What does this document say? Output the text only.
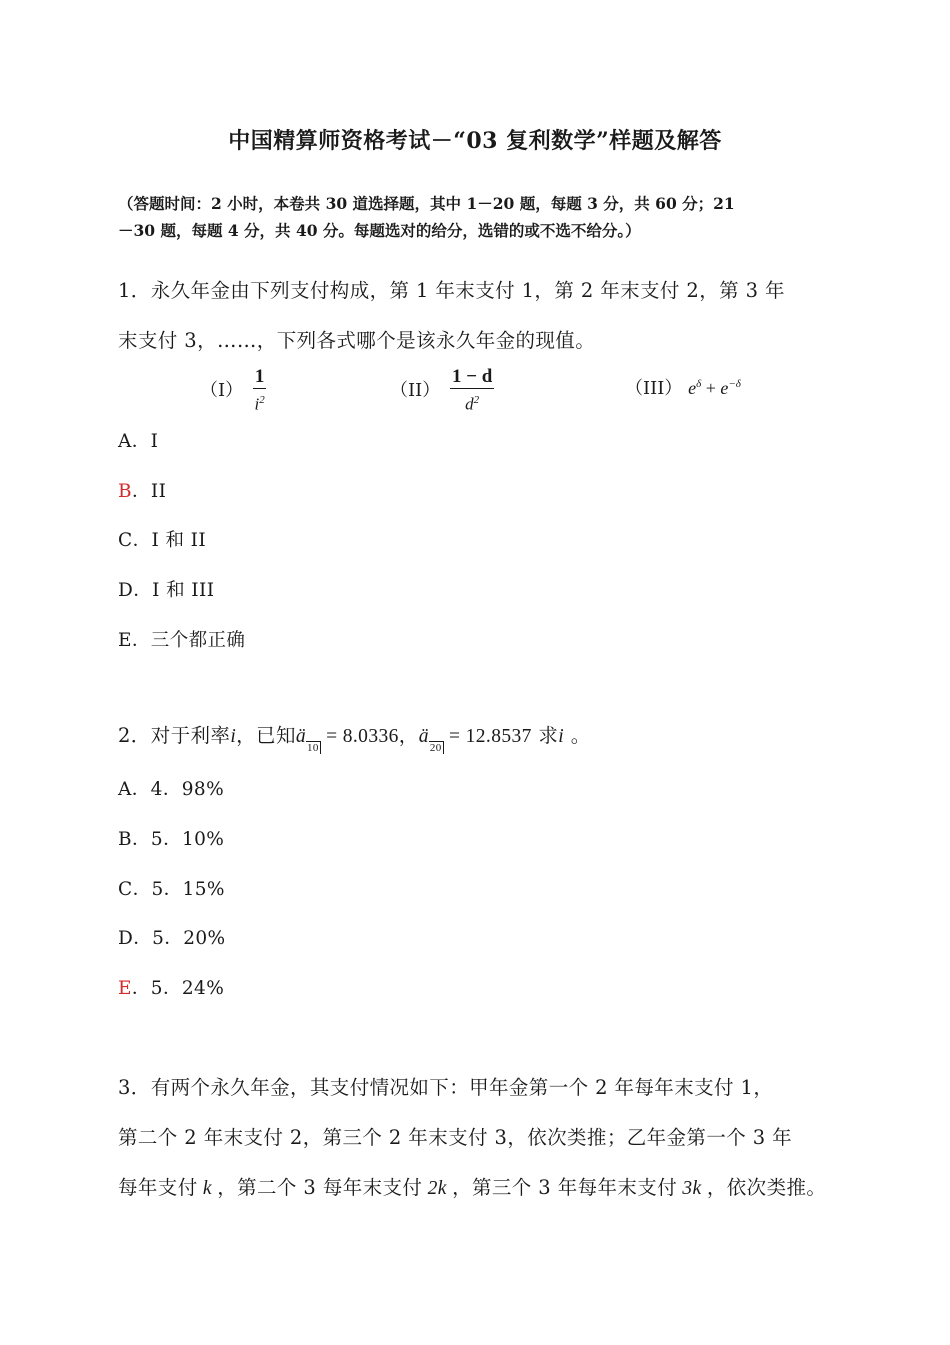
中国精算师资格考试－“03 复利数学”样题及解答
（答题时间：2 小时，本卷共 30 道选择题，其中 1－20 题，每题 3 分，共 60 分；21
－30 题，每题 4 分，共 40 分。每题选对的给分，选错的或不选不给分。）
1．永久年金由下列支付构成，第 1 年末支付 1，第 2 年末支付 2，第 3 年
末支付 3，……，下列各式哪个是该永久年金的现值。
$(I) \frac{1}{i^2}$	$(II) \frac{1 - d}{d^2}$	（III） $e^\delta + e^{-\delta}$
A．I
B．II
C．I 和 II
D．I 和 III
E．三个都正确
2．对于利率i，已知$ä_{10} = 8.0336$，$ä_{20} = 12.8537$ 求i 。
A．4．98%
B．5．10%
C．5．15%
D．5．20%
E．5．24%
3．有两个永久年金，其支付情况如下：甲年金第一个 2 年每年末支付 1，
第二个 2 年末支付 2，第三个 2 年末支付 3，依次类推；乙年金第一个 3 年
每年支付 k ，第二个 3 每年末支付 2k ，第三个 3 年每年末支付 3k ，依次类推。
